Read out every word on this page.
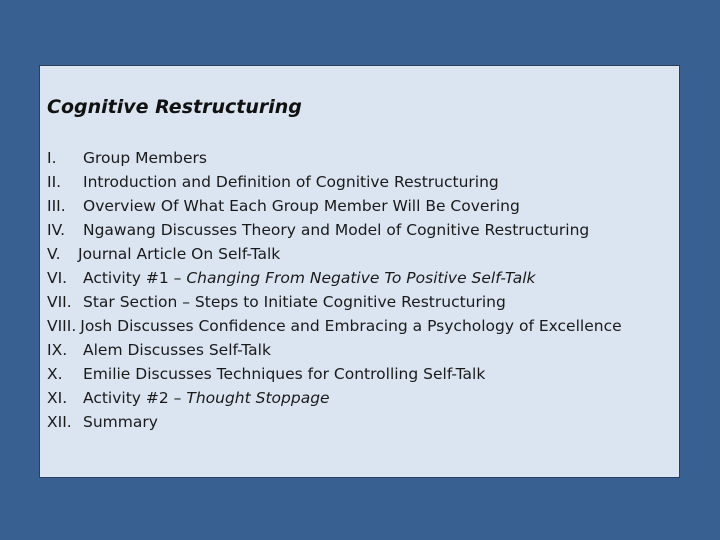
Cognitive Restructuring
I. Group Members
II. Introduction and Definition of Cognitive Restructuring
III. Overview Of What Each Group Member Will Be Covering
IV. Ngawang Discusses Theory and Model of Cognitive Restructuring
V. Journal Article On Self-Talk
VI. Activity #1 – Changing From Negative To Positive Self-Talk
VII. Star Section – Steps to Initiate Cognitive Restructuring
VIII. Josh Discusses Confidence and Embracing a Psychology of Excellence
IX. Alem Discusses Self-Talk
X. Emilie Discusses Techniques for Controlling Self-Talk
XI. Activity #2 – Thought Stoppage
XII. Summary
